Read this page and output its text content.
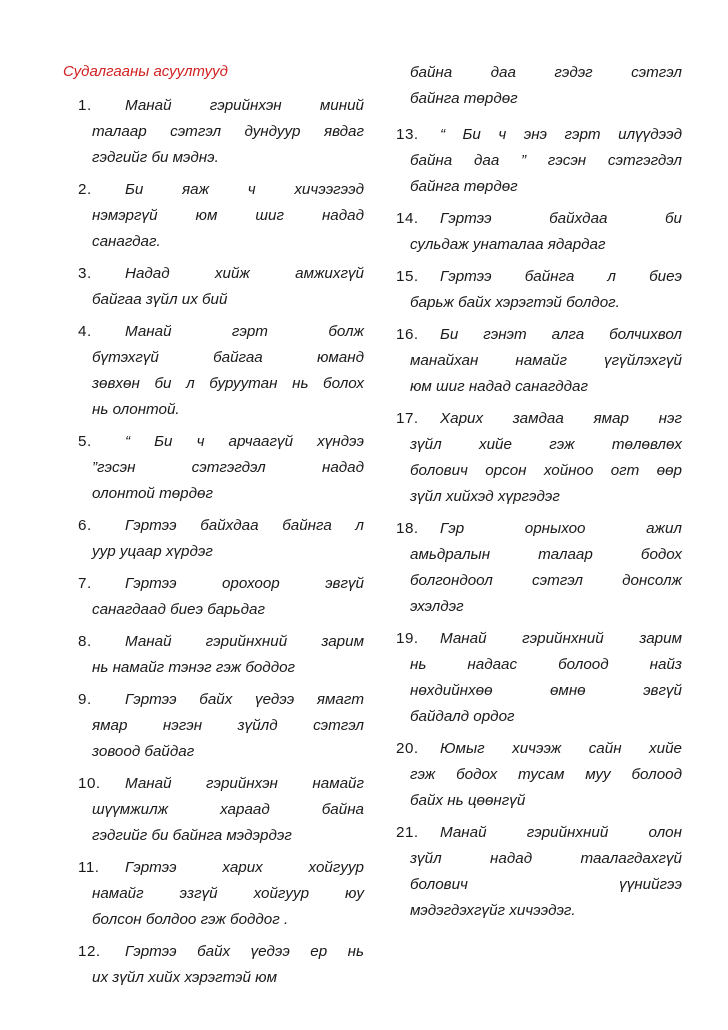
Судалгааны асуултууд
1.	Манай гэрийнхэн миний
талаар сэтгэл дундуур явдаг
гэдгийг би мэднэ.
2.	Би яаж ч хичээгээд
нэмэргүй юм шиг надад
санагдаг.
3.	Надад хийж амжихгүй
байгаа зүйл их бий
4.	Манай гэрт болж
бүтэхгүй байгаа юманд
зөвхөн би л буруутан нь болох
нь олонтой.
5.	“ Би ч арчаагүй хүндээ
”гэсэн сэтгэгдэл надад
олонтой төрдөг
6.	Гэртээ байхдаа байнга л
уур уцаар хүрдэг
7.	Гэртээ орохоор эвгүй
санагдаад биеэ барьдаг
8.	Манай гэрийнхний зарим
нь намайг тэнэг гэж боддог
9.	Гэртээ байх үедээ ямагт
ямар нэгэн зүйлд сэтгэл
зовоод байдаг
10.	Манай гэрийнхэн намайг
шүүмжилж хараад байна
гэдгийг би байнга мэдэрдэг
11.	Гэртээ харих хойгуур
намайг эзгүй хойгуур юу
болсон болдоо гэж боддог .
12.	Гэртээ байх үедээ ер нь
их зүйл хийх хэрэгтэй юм
байна даа гэдэг сэтгэл
байнга төрдөг
13.	“ Би ч энэ гэрт илүүдээд
байна даа ” гэсэн сэтгэгдэл
байнга төрдөг
14.	Гэртээ байхдаа би
сульдаж унаталаа ядардаг
15.	Гэртээ байнга л биеэ
барьж байх хэрэгтэй болдог.
16.	Би гэнэт алга болчихвол
манайхан намайг үгүйлэхгүй
юм шиг надад санагддаг
17.	Харих замдаа ямар нэг
зүйл хийе гэж төлөвлөх
болович орсон хойноо огт өөр
зүйл хийхэд хүргэдэг
18.	Гэр орныхоо ажил
амьдралын талаар бодох
болгондоол сэтгэл донсолж
эхэлдэг
19.	Манай гэрийнхний зарим
нь надаас болоод найз
нөхдийнхөө өмнө эвгүй
байдалд ордог
20.	Юмыг хичээж сайн хийе
гэж бодох тусам муу болоод
байх нь цөөнгүй
21.	Манай гэрийнхний олон
зүйл надад таалагдахгүй
болович үүнийгээ
мэдэгдэхгүйг хичээдэг.
